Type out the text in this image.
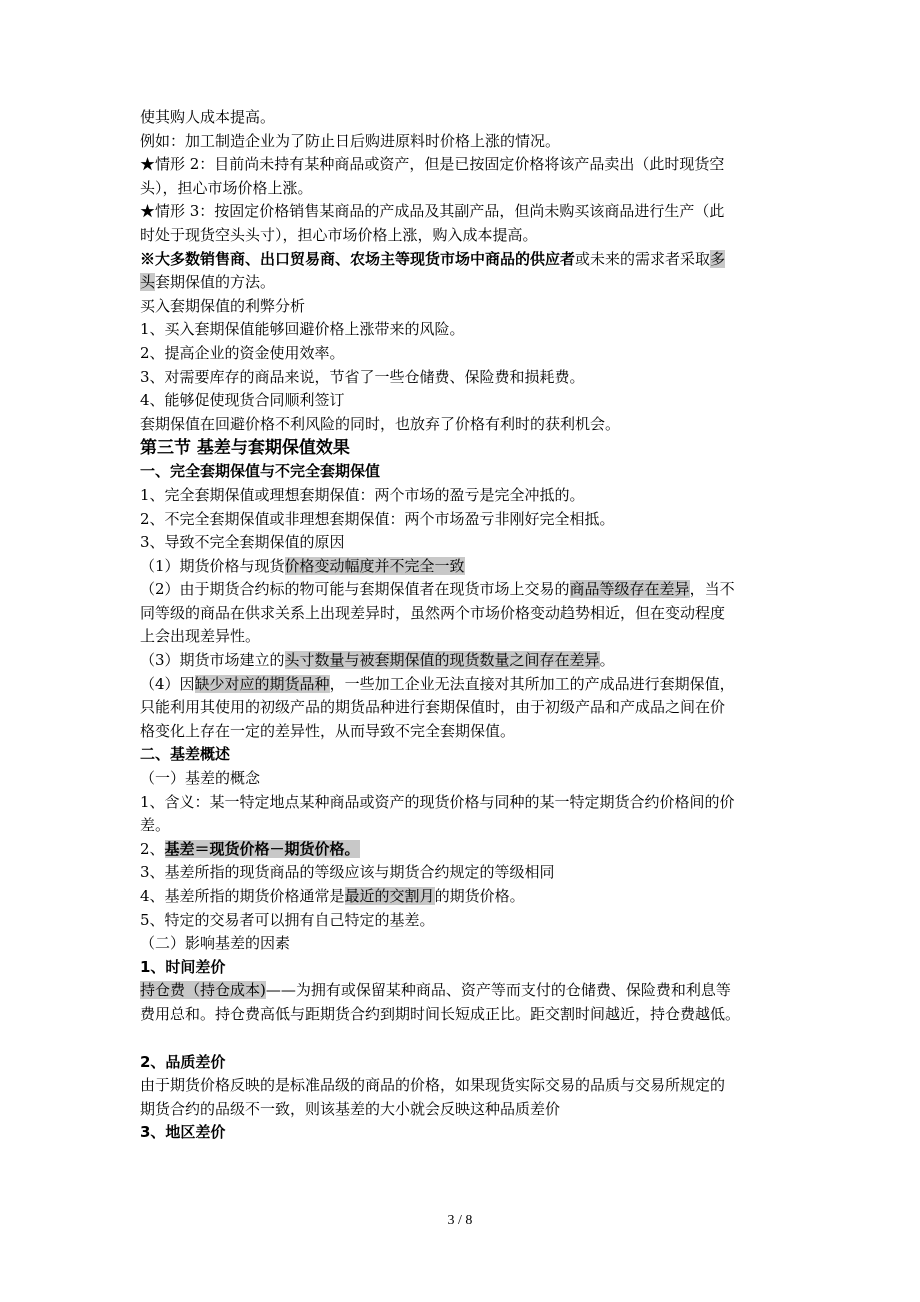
使其购人成本提高。
例如：加工制造企业为了防止日后购进原料时价格上涨的情况。
★情形 2：目前尚未持有某种商品或资产，但是已按固定价格将该产品卖出（此时现货空
头），担心市场价格上涨。
★情形 3：按固定价格销售某商品的产成品及其副产品，但尚未购买该商品进行生产（此
时处于现货空头头寸），担心市场价格上涨，购入成本提高。
※大多数销售商、出口贸易商、农场主等现货市场中商品的供应者或未来的需求者采取多
头套期保值的方法。
买入套期保值的利弊分析
1、买入套期保值能够回避价格上涨带来的风险。
2、提高企业的资金使用效率。
3、对需要库存的商品来说，节省了一些仓储费、保险费和损耗费。
4、能够促使现货合同顺利签订
套期保值在回避价格不利风险的同时，也放弃了价格有利时的获利机会。
第三节 基差与套期保值效果
一、完全套期保值与不完全套期保值
1、完全套期保值或理想套期保值：两个市场的盈亏是完全冲抵的。
2、不完全套期保值或非理想套期保值：两个市场盈亏非刚好完全相抵。
3、导致不完全套期保值的原因
（1）期货价格与现货价格变动幅度并不完全一致
（2）由于期货合约标的物可能与套期保值者在现货市场上交易的商品等级存在差异，当不
同等级的商品在供求关系上出现差异时，虽然两个市场价格变动趋势相近，但在变动程度
上会出现差异性。
（3）期货市场建立的头寸数量与被套期保值的现货数量之间存在差异。
（4）因缺少对应的期货品种，一些加工企业无法直接对其所加工的产成品进行套期保值，
只能利用其使用的初级产品的期货品种进行套期保值时，由于初级产品和产成品之间在价
格变化上存在一定的差异性，从而导致不完全套期保值。
二、基差概述
（一）基差的概念
1、含义：某一特定地点某种商品或资产的现货价格与同种的某一特定期货合约价格间的价
差。
2、基差＝现货价格－期货价格。
3、基差所指的现货商品的等级应该与期货合约规定的等级相同
4、基差所指的期货价格通常是最近的交割月的期货价格。
5、特定的交易者可以拥有自己特定的基差。
（二）影响基差的因素
1、时间差价
持仓费（持仓成本)——为拥有或保留某种商品、资产等而支付的仓储费、保险费和利息等
费用总和。持仓费高低与距期货合约到期时间长短成正比。距交割时间越近，持仓费越低。
2、品质差价
由于期货价格反映的是标准品级的商品的价格，如果现货实际交易的品质与交易所规定的
期货合约的品级不一致，则该基差的大小就会反映这种品质差价
3、地区差价
3 / 8
